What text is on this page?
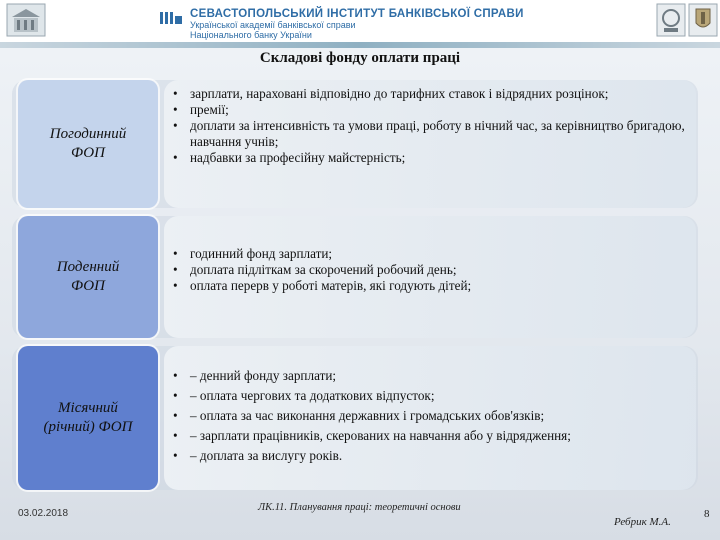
СЕВАСТОПОЛЬСЬКИЙ ІНСТИТУТ БАНКІВСЬКОЇ СПРАВИ
Української академії банківської справи
Національного банку України
Складові фонду оплати праці
Погодинний
ФОП
• зарплати, нараховані відповідно до тарифних ставок і відрядних розцінок;
• премії;
• доплати за інтенсивність та умови праці, роботу в нічний час, за керівництво бригадою, навчання учнів;
• надбавки за професійну майстерність;
Поденний
ФОП
• годинний фонд зарплати;
• доплата підліткам за скорочений робочий день;
• оплата перерв у роботі матерів, які годують дітей;
Місячний
(річний) ФОП
• – денний фонду зарплати;
• – оплата чергових та додаткових відпусток;
• – оплата за час виконання державних і громадських обов'язків;
• – зарплати працівників, скерованих на навчання або у відрядження;
• – доплата за вислугу років.
03.02.2018
ЛК.11. Планування праці: теоретичні основи
Ребрик М.А.
8
